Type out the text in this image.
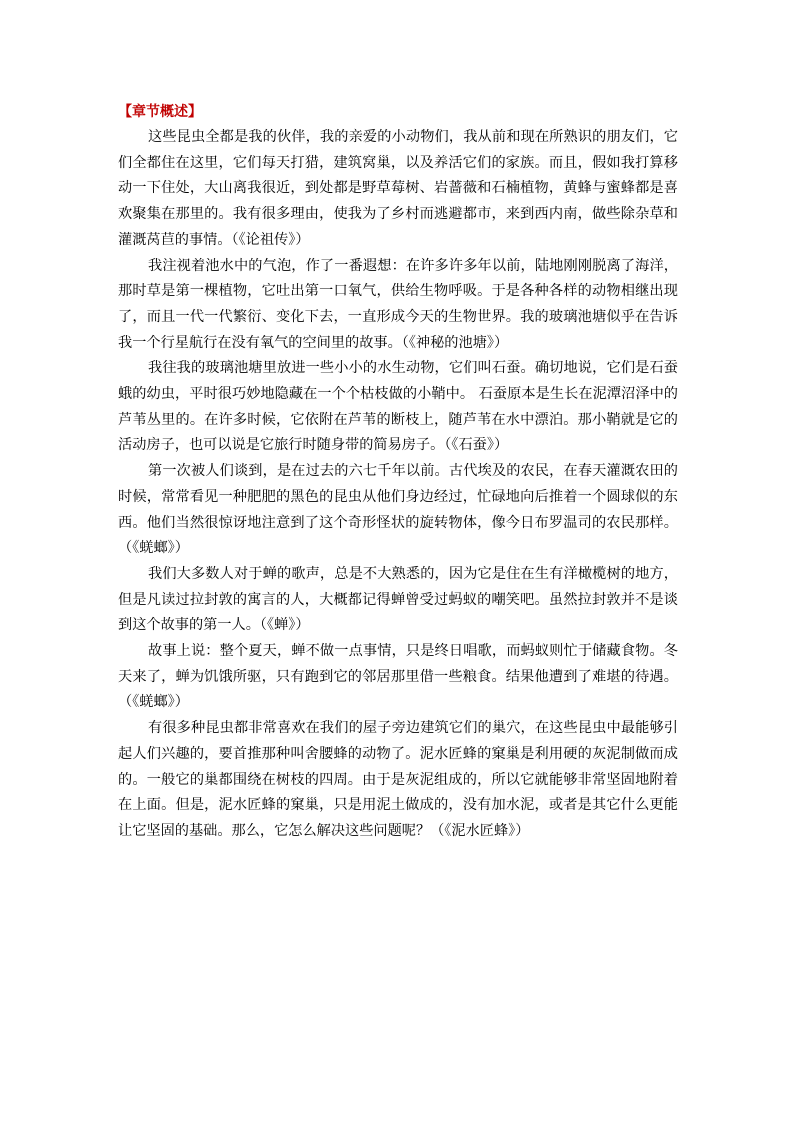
【章节概述】

这些昆虫全都是我的伙伴，我的亲爱的小动物们，我从前和现在所熟识的朋友们，它们全都住在这里，它们每天打猎，建筑窝巢，以及养活它们的家族。而且，假如我打算移动一下住处，大山离我很近，到处都是野草莓树、岩蔷薇和石楠植物，黄蜂与蜜蜂都是喜欢聚集在那里的。我有很多理由，使我为了乡村而逃避都市，来到西内南，做些除杂草和灌溉莴苣的事情。（《论祖传》）

我注视着池水中的气泡，作了一番遐想：在许多许多年以前，陆地刚刚脱离了海洋，那时草是第一棵植物，它吐出第一口氧气，供给生物呼吸。于是各种各样的动物相继出现了，而且一代一代繁衍、变化下去，一直形成今天的生物世界。我的玻璃池塘似乎在告诉我一个行星航行在没有氧气的空间里的故事。（《神秘的池塘》）

我往我的玻璃池塘里放进一些小小的水生动物，它们叫石蚕。确切地说，它们是石蚕蛾的幼虫，平时很巧妙地隐藏在一个个枯枝做的小鞘中。 石蚕原本是生长在泥潭沼泽中的芦苇丛里的。在许多时候，它依附在芦苇的断枝上，随芦苇在水中漂泊。那小鞘就是它的活动房子，也可以说是它旅行时随身带的简易房子。（《石蚕》）

第一次被人们谈到，是在过去的六七千年以前。古代埃及的农民，在春天灌溉农田的时候，常常看见一种肥肥的黑色的昆虫从他们身边经过，忙碌地向后推着一个圆球似的东西。他们当然很惊讶地注意到了这个奇形怪状的旋转物体，像今日布罗温司的农民那样。（《蜣螂》）

我们大多数人对于蝉的歌声，总是不大熟悉的，因为它是住在生有洋橄榄树的地方，但是凡读过拉封敦的寓言的人，大概都记得蝉曾受过蚂蚁的嘲笑吧。虽然拉封敦并不是谈到这个故事的第一人。（《蝉》）

故事上说：整个夏天，蝉不做一点事情，只是终日唱歌，而蚂蚁则忙于储藏食物。冬天来了，蝉为饥饿所驱，只有跑到它的邻居那里借一些粮食。结果他遭到了难堪的待遇。（《蜣螂》）

有很多种昆虫都非常喜欢在我们的屋子旁边建筑它们的巢穴，在这些昆虫中最能够引起人们兴趣的，要首推那种叫舍腰蜂的动物了。泥水匠蜂的窠巢是利用硬的灰泥制做而成的。一般它的巢都围绕在树枝的四周。由于是灰泥组成的，所以它就能够非常坚固地附着在上面。但是，泥水匠蜂的窠巢，只是用泥土做成的，没有加水泥，或者是其它什么更能让它坚固的基础。那么，它怎么解决这些问题呢？（《泥水匠蜂》）
